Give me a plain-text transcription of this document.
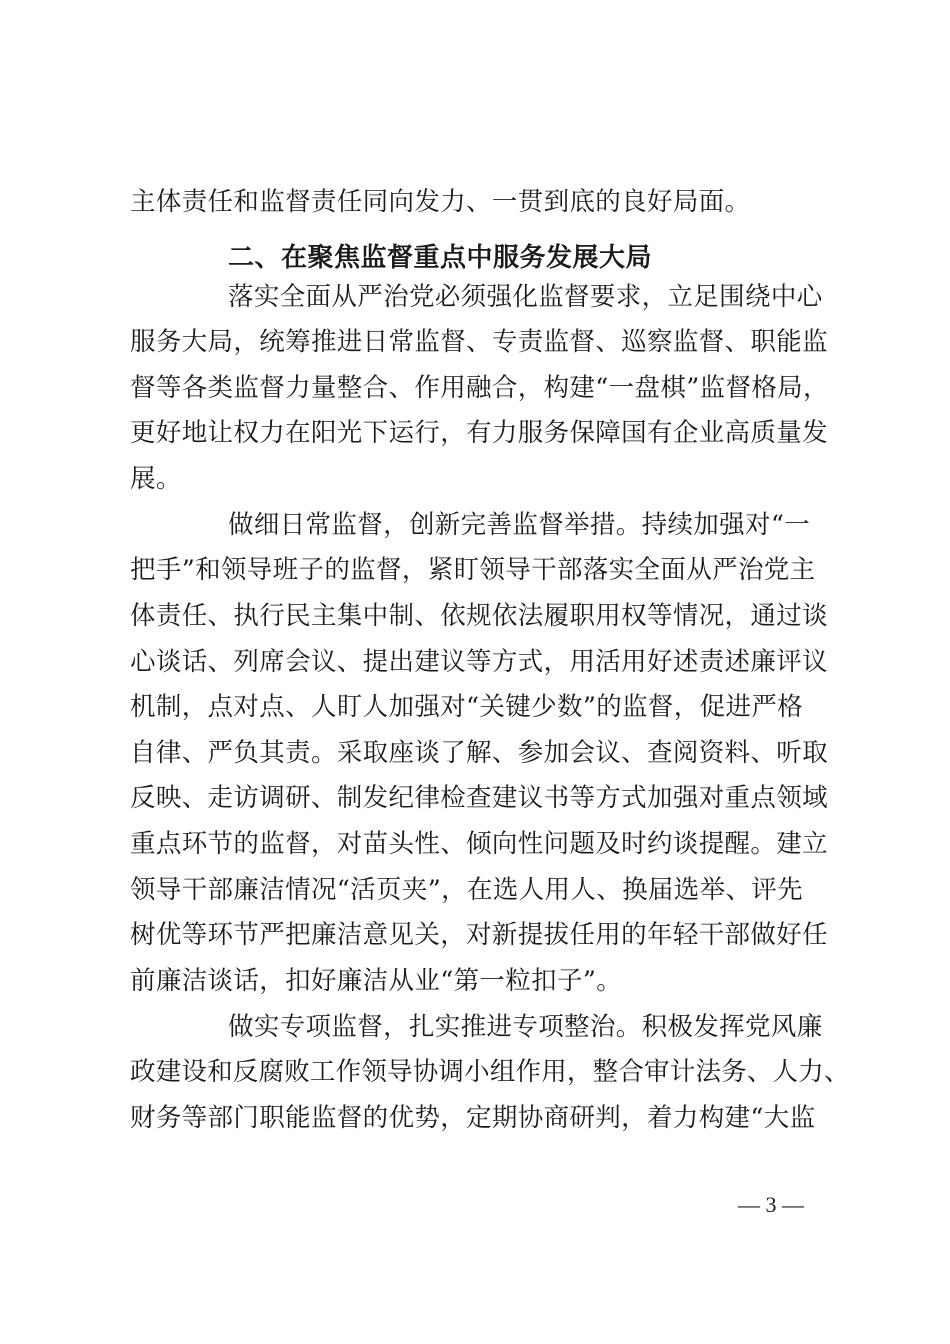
主体责任和监督责任同向发力、一贯到底的良好局面。
二、在聚焦监督重点中服务发展大局
落实全面从严治党必须强化监督要求，立足围绕中心
服务大局，统筹推进日常监督、专责监督、巡察监督、职能监
督等各类监督力量整合、作用融合，构建“一盘棋”监督格局，
更好地让权力在阳光下运行，有力服务保障国有企业高质量发
展。
做细日常监督，创新完善监督举措。持续加强对“一
把手”和领导班子的监督，紧盯领导干部落实全面从严治党主
体责任、执行民主集中制、依规依法履职用权等情况，通过谈
心谈话、列席会议、提出建议等方式，用活用好述责述廉评议
机制，点对点、人盯人加强对“关键少数”的监督，促进严格
自律、严负其责。采取座谈了解、参加会议、查阅资料、听取
反映、走访调研、制发纪律检查建议书等方式加强对重点领域
重点环节的监督，对苗头性、倾向性问题及时约谈提醒。建立
领导干部廉洁情况“活页夹”，在选人用人、换届选举、评先
树优等环节严把廉洁意见关，对新提拔任用的年轻干部做好任
前廉洁谈话，扣好廉洁从业“第一粒扣子”。
做实专项监督，扎实推进专项整治。积极发挥党风廉
政建设和反腐败工作领导协调小组作用，整合审计法务、人力、
财务等部门职能监督的优势，定期协商研判，着力构建“大监
— 3 —
